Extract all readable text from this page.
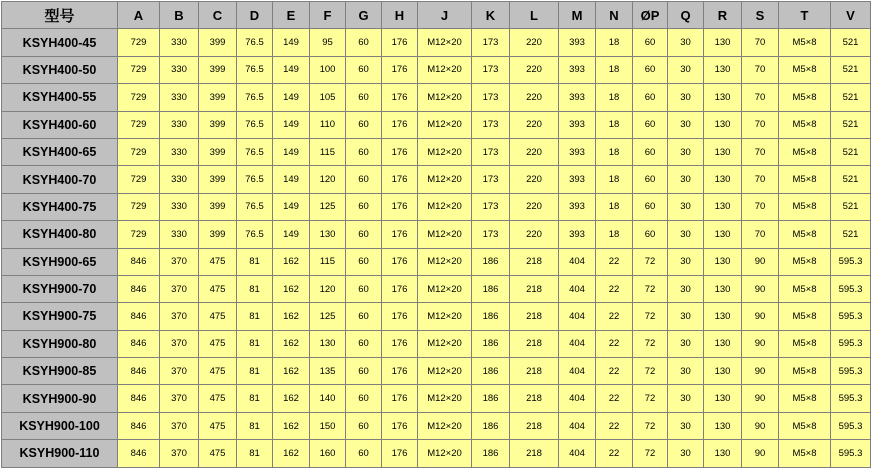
型号	A	B	C	D	E	F	G	H	J	K	L	M	N	ØP	Q	R	S	T	V
KSYH400-45	729	330	399	76.5	149	95	60	176	M12×20	173	220	393	18	60	30	130	70	M5×8	521
KSYH400-50	729	330	399	76.5	149	100	60	176	M12×20	173	220	393	18	60	30	130	70	M5×8	521
KSYH400-55	729	330	399	76.5	149	105	60	176	M12×20	173	220	393	18	60	30	130	70	M5×8	521
KSYH400-60	729	330	399	76.5	149	110	60	176	M12×20	173	220	393	18	60	30	130	70	M5×8	521
KSYH400-65	729	330	399	76.5	149	115	60	176	M12×20	173	220	393	18	60	30	130	70	M5×8	521
KSYH400-70	729	330	399	76.5	149	120	60	176	M12×20	173	220	393	18	60	30	130	70	M5×8	521
KSYH400-75	729	330	399	76.5	149	125	60	176	M12×20	173	220	393	18	60	30	130	70	M5×8	521
KSYH400-80	729	330	399	76.5	149	130	60	176	M12×20	173	220	393	18	60	30	130	70	M5×8	521
KSYH900-65	846	370	475	81	162	115	60	176	M12×20	186	218	404	22	72	30	130	90	M5×8	595.3
KSYH900-70	846	370	475	81	162	120	60	176	M12×20	186	218	404	22	72	30	130	90	M5×8	595.3
KSYH900-75	846	370	475	81	162	125	60	176	M12×20	186	218	404	22	72	30	130	90	M5×8	595.3
KSYH900-80	846	370	475	81	162	130	60	176	M12×20	186	218	404	22	72	30	130	90	M5×8	595.3
KSYH900-85	846	370	475	81	162	135	60	176	M12×20	186	218	404	22	72	30	130	90	M5×8	595.3
KSYH900-90	846	370	475	81	162	140	60	176	M12×20	186	218	404	22	72	30	130	90	M5×8	595.3
KSYH900-100	846	370	475	81	162	150	60	176	M12×20	186	218	404	22	72	30	130	90	M5×8	595.3
KSYH900-110	846	370	475	81	162	160	60	176	M12×20	186	218	404	22	72	30	130	90	M5×8	595.3
